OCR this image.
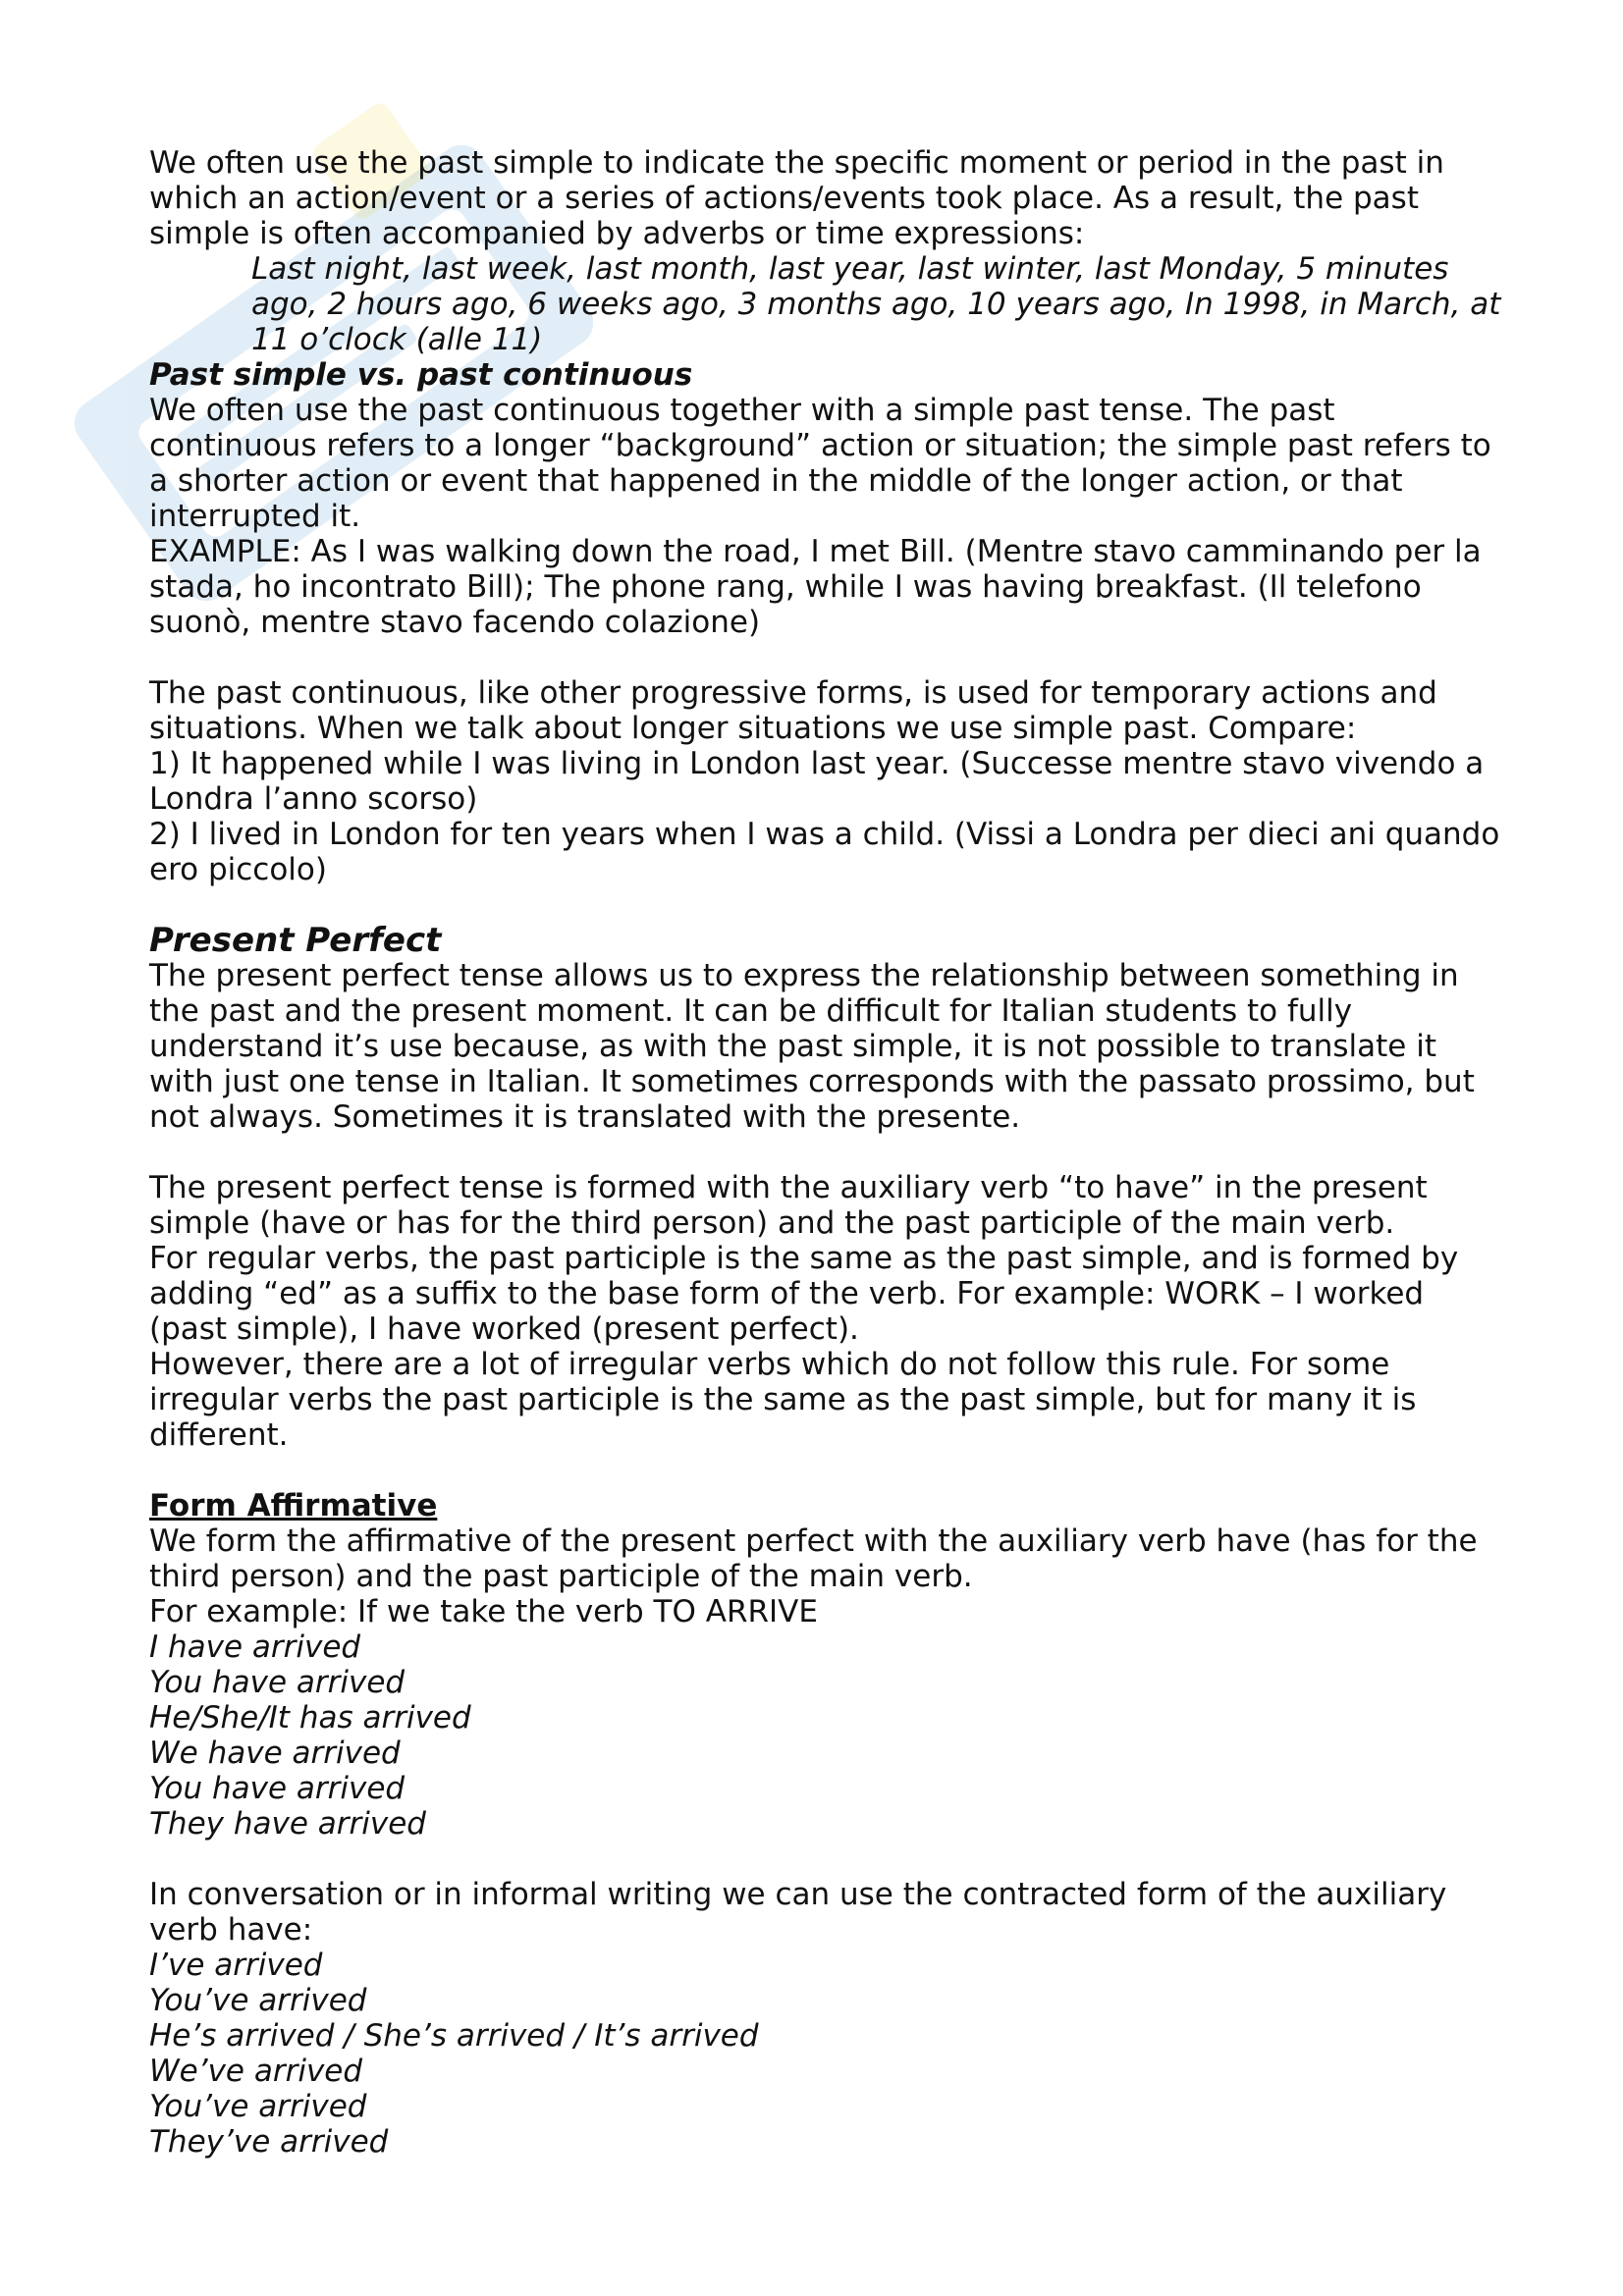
We often use the past simple to indicate the specific moment or period in the past in which an action/event or a series of actions/events took place. As a result, the past simple is often accompanied by adverbs or time expressions:

Last night, last week, last month, last year, last winter, last Monday, 5 minutes ago, 2 hours ago, 6 weeks ago, 3 months ago, 10 years ago, In 1998, in March, at 11 o’clock (alle 11)

Past simple vs. past continuous

We often use the past continuous together with a simple past tense. The past continuous refers to a longer “background” action or situation; the simple past refers to a shorter action or event that happened in the middle of the longer action, or that interrupted it.

EXAMPLE: As I was walking down the road, I met Bill. (Mentre stavo camminando per la stada, ho incontrato Bill); The phone rang, while I was having breakfast. (Il telefono suonò, mentre stavo facendo colazione)

The past continuous, like other progressive forms, is used for temporary actions and situations. When we talk about longer situations we use simple past. Compare:

1) It happened while I was living in London last year. (Successe mentre stavo vivendo a Londra l’anno scorso)

2) I lived in London for ten years when I was a child. (Vissi a Londra per dieci ani quando ero piccolo)

Present Perfect

The present perfect tense allows us to express the relationship between something in the past and the present moment. It can be difficult for Italian students to fully understand it’s use because, as with the past simple, it is not possible to translate it with just one tense in Italian. It sometimes corresponds with the passato prossimo, but not always. Sometimes it is translated with the presente.

The present perfect tense is formed with the auxiliary verb “to have” in the present simple (have or has for the third person) and the past participle of the main verb.

For regular verbs, the past participle is the same as the past simple, and is formed by adding “ed” as a suffix to the base form of the verb. For example: WORK – I worked (past simple), I have worked (present perfect).

However, there are a lot of irregular verbs which do not follow this rule. For some irregular verbs the past participle is the same as the past simple, but for many it is different.

Form Affirmative

We form the affirmative of the present perfect with the auxiliary verb have (has for the third person) and the past participle of the main verb.

For example: If we take the verb TO ARRIVE

I have arrived

You have arrived

He/She/It has arrived

We have arrived

You have arrived

They have arrived

In conversation or in informal writing we can use the contracted form of the auxiliary verb have:

I’ve arrived

You’ve arrived

He’s arrived / She’s arrived / It’s arrived

We’ve arrived

You’ve arrived

They’ve arrived
